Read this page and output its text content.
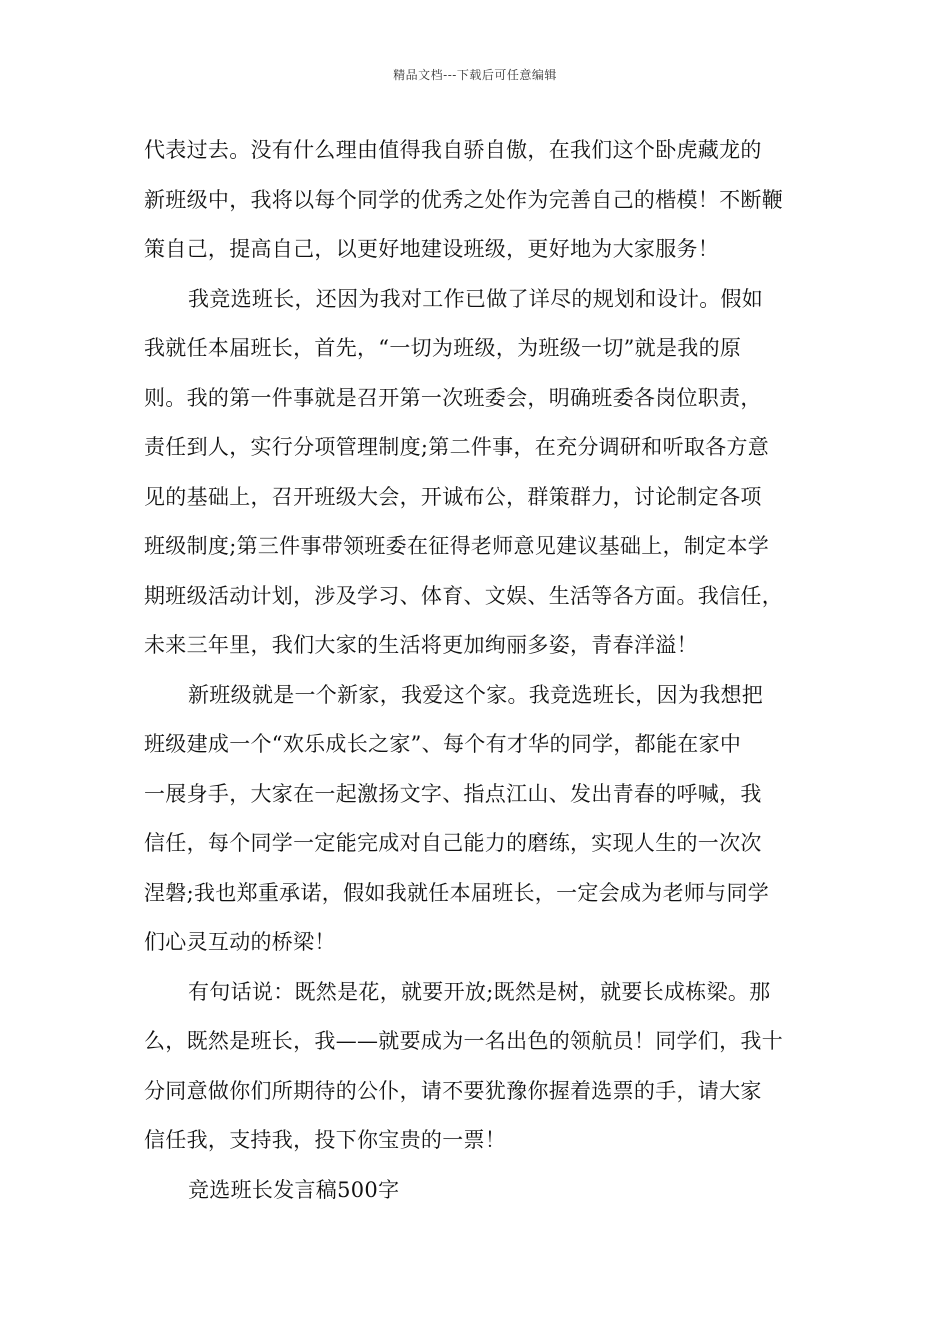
精品文档---下载后可任意编辑
代表过去。没有什么理由值得我自骄自傲，在我们这个卧虎藏龙的
新班级中，我将以每个同学的优秀之处作为完善自己的楷模！不断鞭
策自己，提高自己，以更好地建设班级，更好地为大家服务！
我竞选班长，还因为我对工作已做了详尽的规划和设计。假如
我就任本届班长，首先，“一切为班级，为班级一切”就是我的原
则。我的第一件事就是召开第一次班委会，明确班委各岗位职责，
责任到人，实行分项管理制度;第二件事，在充分调研和听取各方意
见的基础上，召开班级大会，开诚布公，群策群力，讨论制定各项
班级制度;第三件事带领班委在征得老师意见建议基础上，制定本学
期班级活动计划，涉及学习、体育、文娱、生活等各方面。我信任，
未来三年里，我们大家的生活将更加绚丽多姿，青春洋溢！
新班级就是一个新家，我爱这个家。我竞选班长，因为我想把
班级建成一个“欢乐成长之家”、每个有才华的同学，都能在家中
一展身手，大家在一起激扬文字、指点江山、发出青春的呼喊，我
信任，每个同学一定能完成对自己能力的磨练，实现人生的一次次
涅磐;我也郑重承诺，假如我就任本届班长，一定会成为老师与同学
们心灵互动的桥梁！
有句话说：既然是花，就要开放;既然是树，就要长成栋梁。那
么，既然是班长，我——就要成为一名出色的领航员！同学们，我十
分同意做你们所期待的公仆，请不要犹豫你握着选票的手，请大家
信任我，支持我，投下你宝贵的一票！
竞选班长发言稿500字
